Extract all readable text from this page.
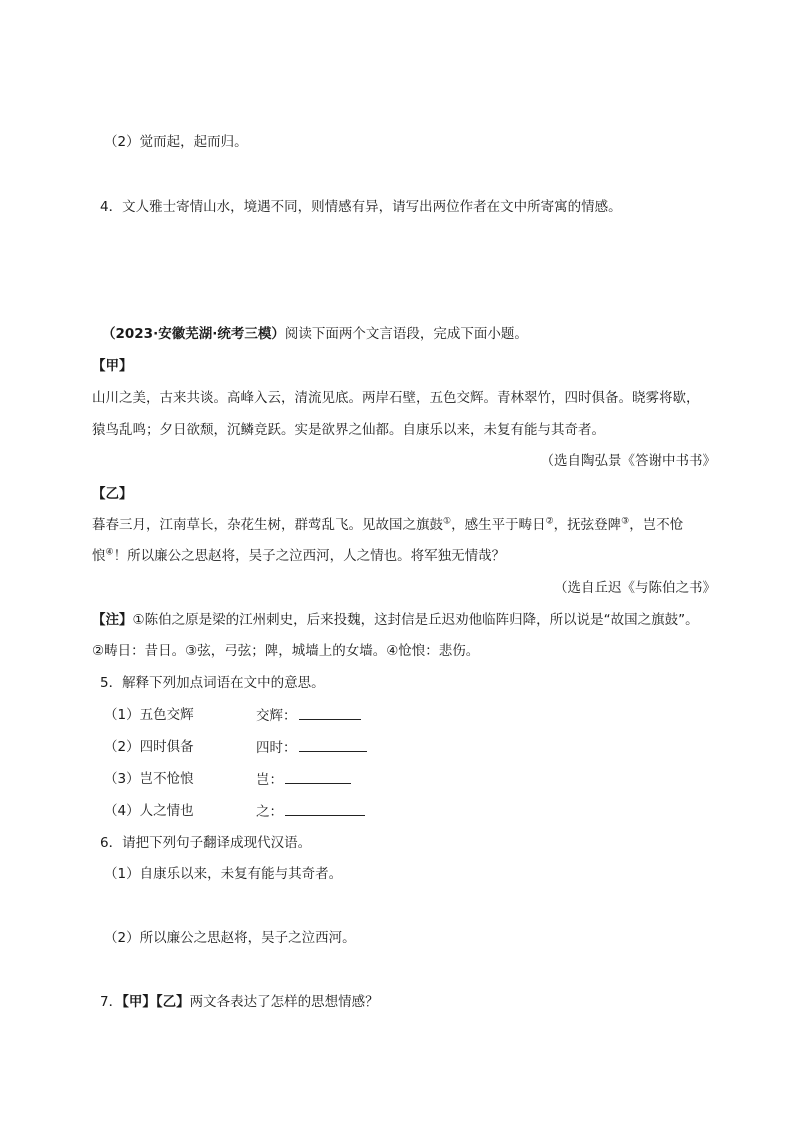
（2）觉而起，起而归。
4．文人雅士寄情山水，境遇不同，则情感有异，请写出两位作者在文中所寄寓的情感。
（2023·安徽芜湖·统考三模）阅读下面两个文言语段，完成下面小题。
【甲】
山川之美，古来共谈。高峰入云，清流见底。两岸石壁，五色交辉。青林翠竹，四时俱备。晓雾将歇，
猿鸟乱鸣；夕日欲颓，沉鳞竞跃。实是欲界之仙都。自康乐以来，未复有能与其奇者。
（选自陶弘景《答谢中书书》
【乙】
暮春三月，江南草长，杂花生树，群莺乱飞。见故国之旗鼓①，感生平于畴日②，抚弦登陴③，岂不怆
悢④！所以廉公之思赵将，吴子之泣西河，人之情也。将军独无情哉？
（选自丘迟《与陈伯之书》
【注】①陈伯之原是梁的江州刺史，后来投魏，这封信是丘迟劝他临阵归降，所以说是“故国之旗鼓”。
②畴日：昔日。③弦，弓弦；陴，城墙上的女墙。④怆悢：悲伤。
5．解释下列加点词语在文中的意思。
（1）五色交辉	交辉：
（2）四时俱备	四时：
（3）岂不怆悢	岂：
（4）人之情也	之：
6．请把下列句子翻译成现代汉语。
（1）自康乐以来，未复有能与其奇者。
（2）所以廉公之思赵将，吴子之泣西河。
7．【甲】【乙】两文各表达了怎样的思想情感？
